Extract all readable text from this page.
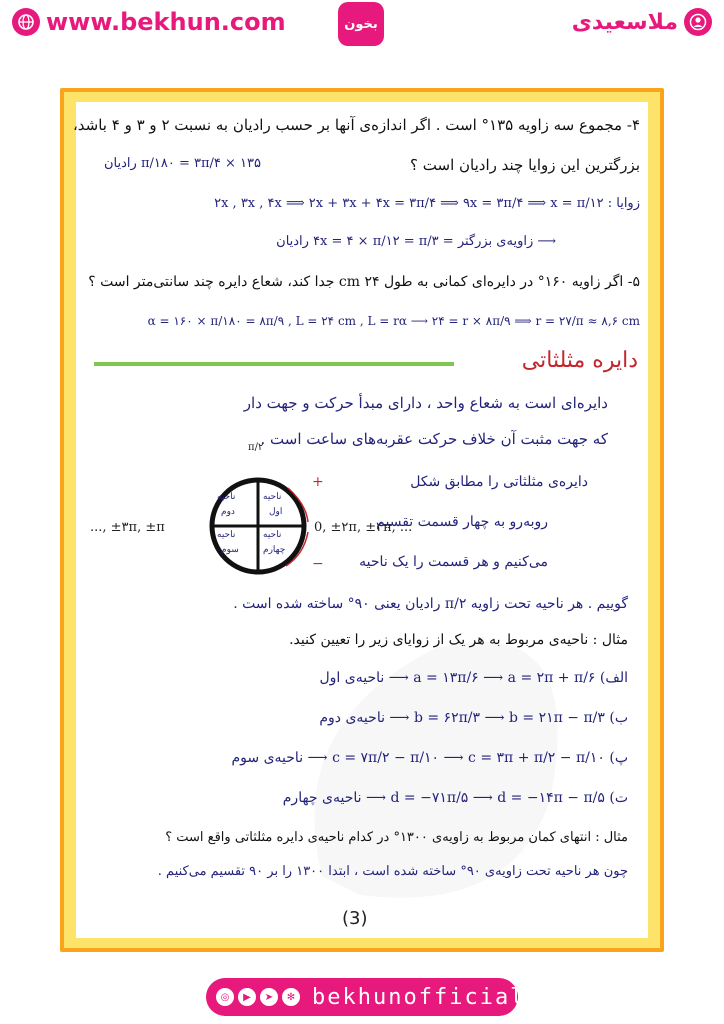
www.bekhun.com	بخون	ملاسعیدی
۴- مجموع سه زاویه ۱۳۵° است . اگر اندازه‌ی آنها بر حسب رادیان به نسبت ۲ و ۳ و ۴ باشد،
بزرگترین این زوایا چند رادیان است ؟
۱۳۵ × π/۱۸۰ = ۳π/۴ رادیان
زوایا : ۲x , ۳x , ۴x ⟹ ۲x + ۳x + ۴x = ۳π/۴ ⟹ ۹x = ۳π/۴ ⟹ x = π/۱۲
⟶ زاویه‌ی بزرگتر = ۴x = ۴ × π/۱۲ = π/۳ رادیان
۵- اگر زاویه ۱۶۰° در دایره‌ای کمانی به طول ۲۴ cm جدا کند، شعاع دایره چند سانتی‌متر است ؟
α = ۱۶۰ × π/۱۸۰ = ۸π/۹ , L = ۲۴ cm , L = rα ⟶ ۲۴ = r × ۸π/۹ ⟹ r = ۲۷/π ≈ ۸,۶ cm
دایره مثلثاتی
دایره‌ای است به شعاع واحد ، دارای مبدأ حرکت و جهت دار
که جهت مثبت آن خلاف حرکت عقربه‌های ساعت است .
π/۲
+
−
ناحیه
دوم
ناحیه
اول
ناحیه
سوم
ناحیه
چهارم
..., ±۳π, ±π	0, ±۲π, ±۴π, ...
دایره‌ی مثلثاتی را مطابق شکل
روبه‌رو به چهار قسمت تقسیم
می‌کنیم و هر قسمت را یک ناحیه
گوییم . هر ناحیه تحت زاویه π/۲ رادیان یعنی ۹۰° ساخته شده است .
مثال : ناحیه‌ی مربوط به هر یک از زوایای زیر را تعیین کنید.
الف) a = ۱۳π/۶ ⟶ a = ۲π + π/۶ ⟶ ناحیه‌ی اول
ب) b = ۶۲π/۳ ⟶ b = ۲۱π − π/۳ ⟶ ناحیه‌ی دوم
پ) c = ۷π/۲ − π/۱۰ ⟶ c = ۳π + π/۲ − π/۱۰ ⟶ ناحیه‌ی سوم
ت) d = −۷۱π/۵ ⟶ d = −۱۴π − π/۵ ⟶ ناحیه‌ی چهارم
مثال : انتهای کمان مربوط به زاویه‌ی ۱۳۰۰° در کدام ناحیه‌ی دایره مثلثاتی واقع است ؟
چون هر ناحیه تحت زاویه‌ی ۹۰° ساخته شده است ، ابتدا ۱۳۰۰ را بر ۹۰ تقسیم می‌کنیم .
(3)
◎	▶	➤	✻ bekhunofficial
